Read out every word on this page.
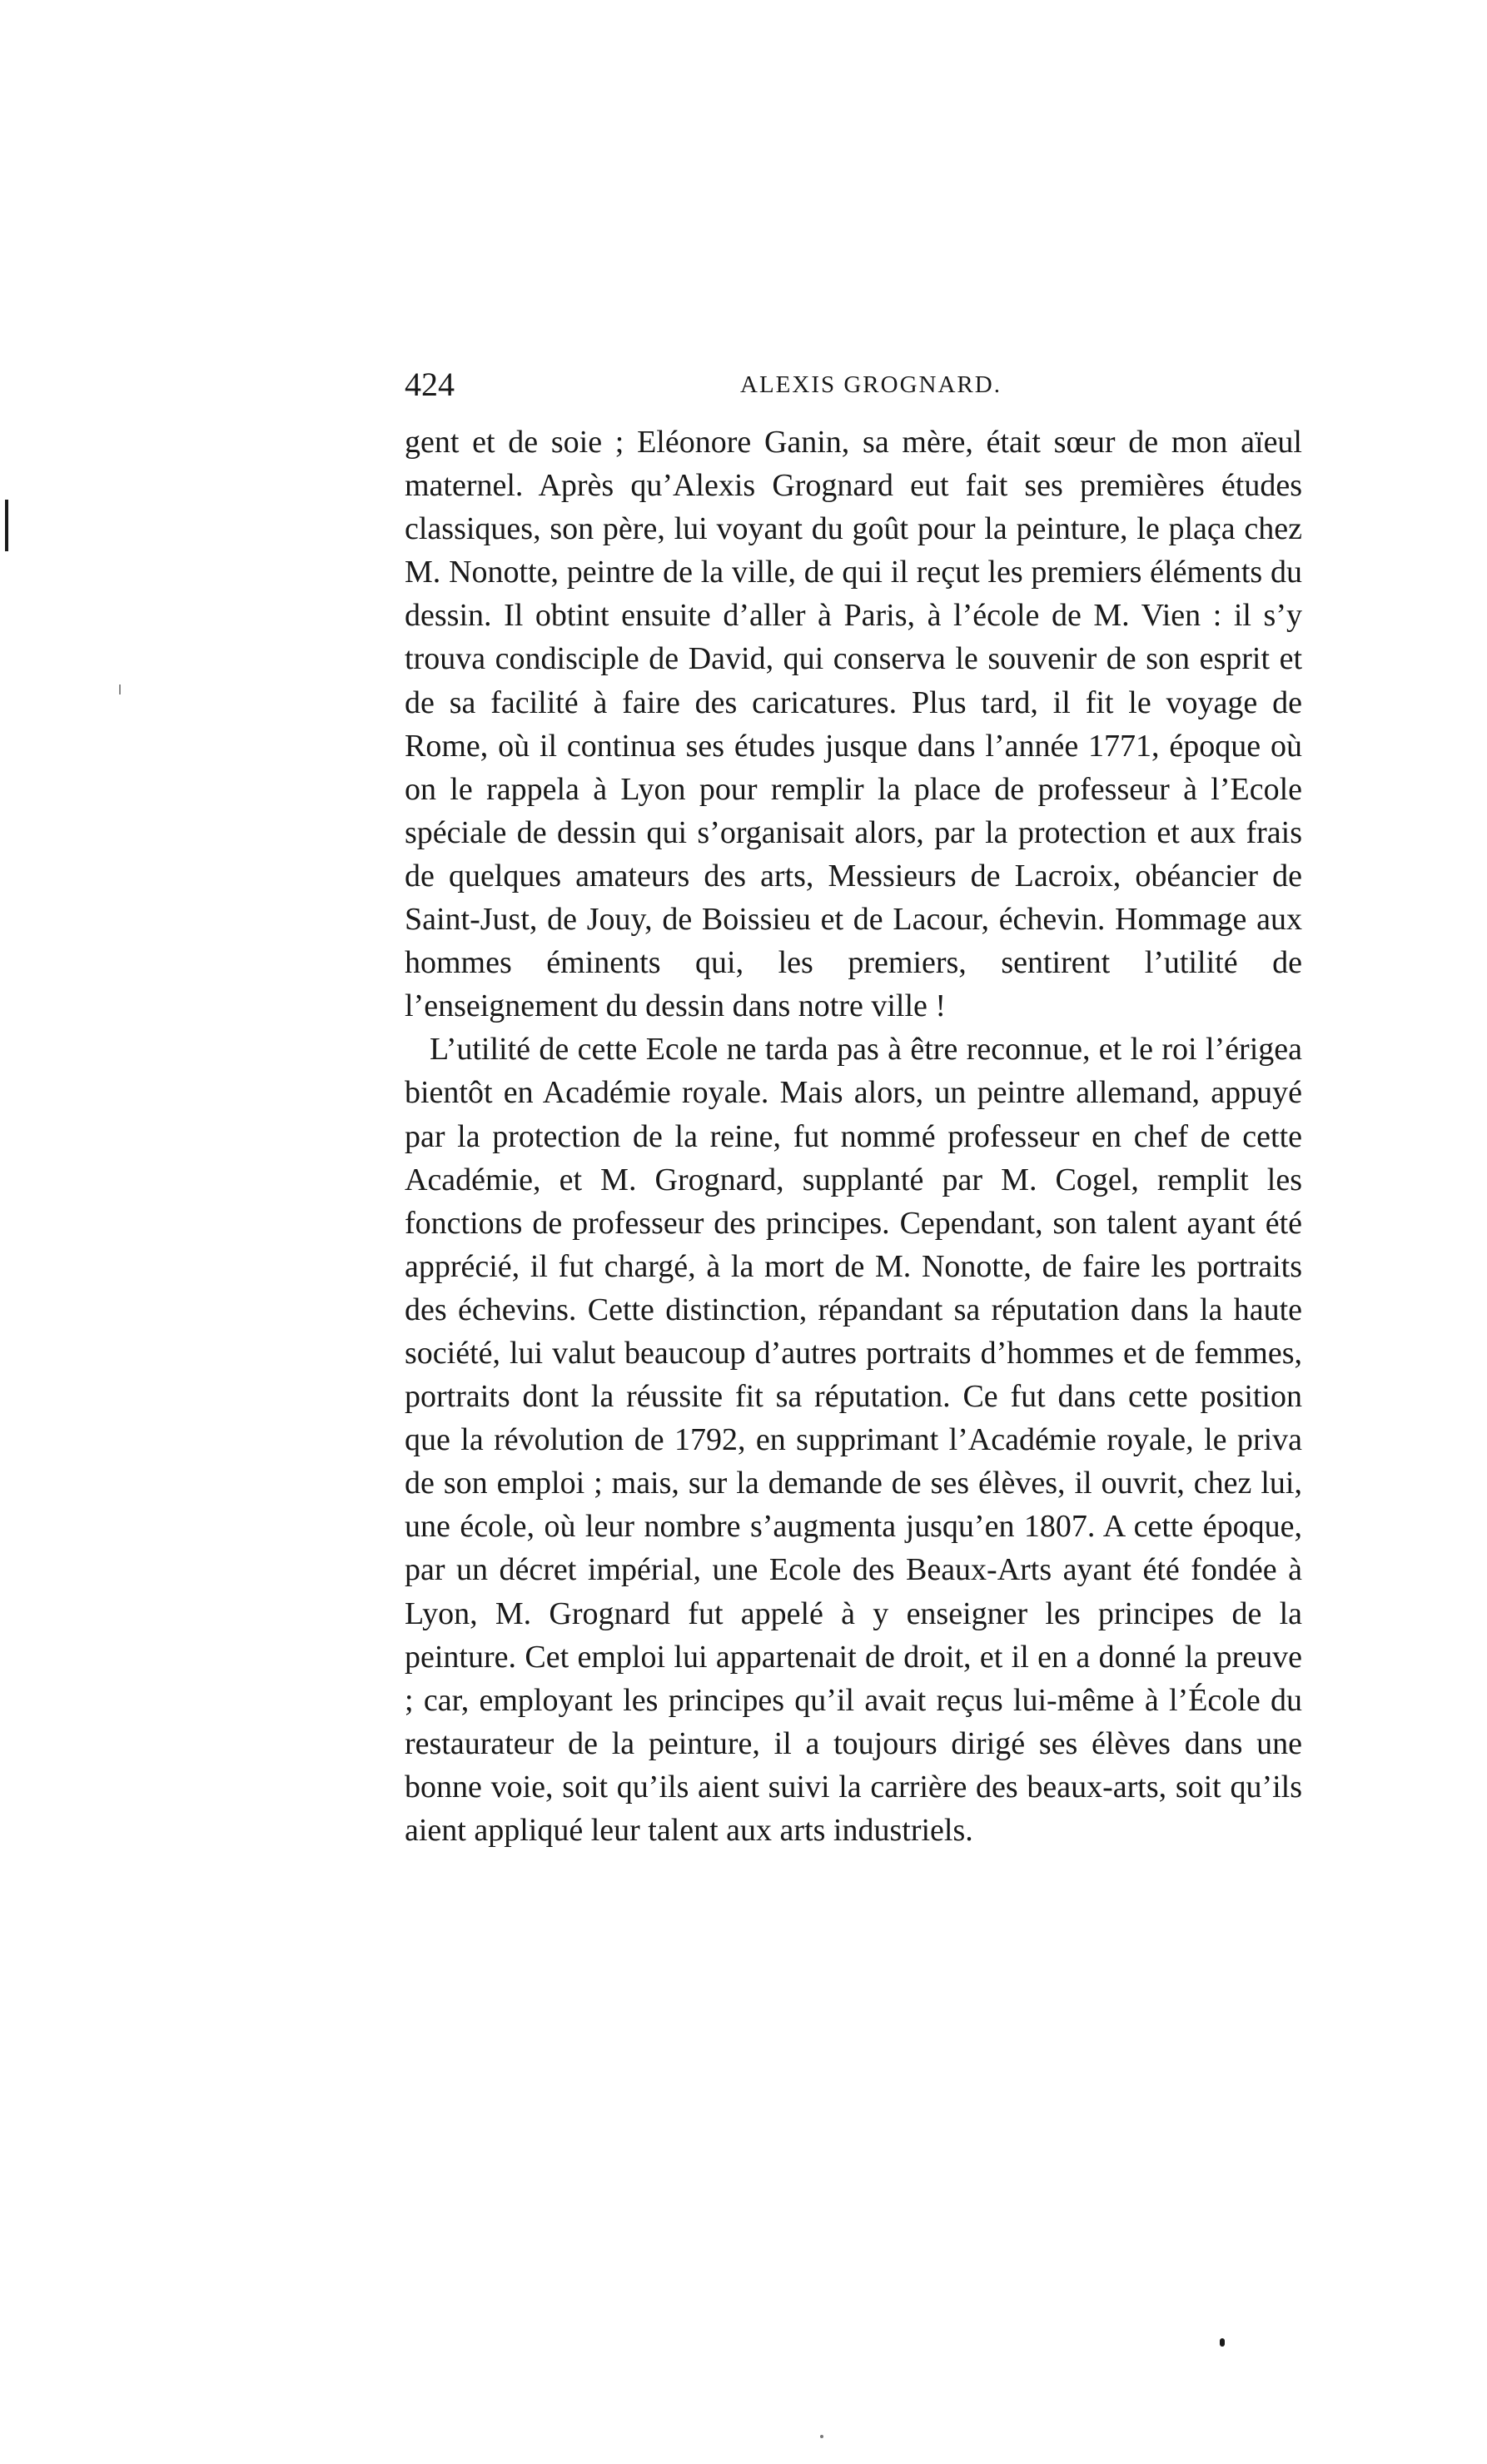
424	ALEXIS GROGNARD.

gent et de soie ; Eléonore Ganin, sa mère, était sœur de mon aïeul maternel. Après qu’Alexis Grognard eut fait ses premières études classiques, son père, lui voyant du goût pour la peinture, le plaça chez M. Nonotte, peintre de la ville, de qui il reçut les premiers éléments du dessin. Il obtint ensuite d’aller à Paris, à l’école de M. Vien : il s’y trouva condisciple de David, qui conserva le souvenir de son esprit et de sa facilité à faire des caricatures. Plus tard, il fit le voyage de Rome, où il continua ses études jusque dans l’année 1771, époque où on le rappela à Lyon pour remplir la place de professeur à l’Ecole spéciale de dessin qui s’organisait alors, par la protection et aux frais de quelques amateurs des arts, Messieurs de Lacroix, obéancier de Saint-Just, de Jouy, de Boissieu et de Lacour, échevin. Hommage aux hommes éminents qui, les premiers, sentirent l’utilité de l’enseignement du dessin dans notre ville !

L’utilité de cette Ecole ne tarda pas à être reconnue, et le roi l’érigea bientôt en Académie royale. Mais alors, un peintre allemand, appuyé par la protection de la reine, fut nommé professeur en chef de cette Académie, et M. Grognard, supplanté par M. Cogel, remplit les fonctions de professeur des principes. Cependant, son talent ayant été apprécié, il fut chargé, à la mort de M. Nonotte, de faire les portraits des échevins. Cette distinction, répandant sa réputation dans la haute société, lui valut beaucoup d’autres portraits d’hommes et de femmes, portraits dont la réussite fit sa réputation. Ce fut dans cette position que la révolution de 1792, en supprimant l’Académie royale, le priva de son emploi ; mais, sur la demande de ses élèves, il ouvrit, chez lui, une école, où leur nombre s’augmenta jusqu’en 1807. A cette époque, par un décret impérial, une Ecole des Beaux-Arts ayant été fondée à Lyon, M. Grognard fut appelé à y enseigner les principes de la peinture. Cet emploi lui appartenait de droit, et il en a donné la preuve ; car, employant les principes qu’il avait reçus lui-même à l’École du restaurateur de la peinture, il a toujours dirigé ses élèves dans une bonne voie, soit qu’ils aient suivi la carrière des beaux-arts, soit qu’ils aient appliqué leur talent aux arts industriels.
